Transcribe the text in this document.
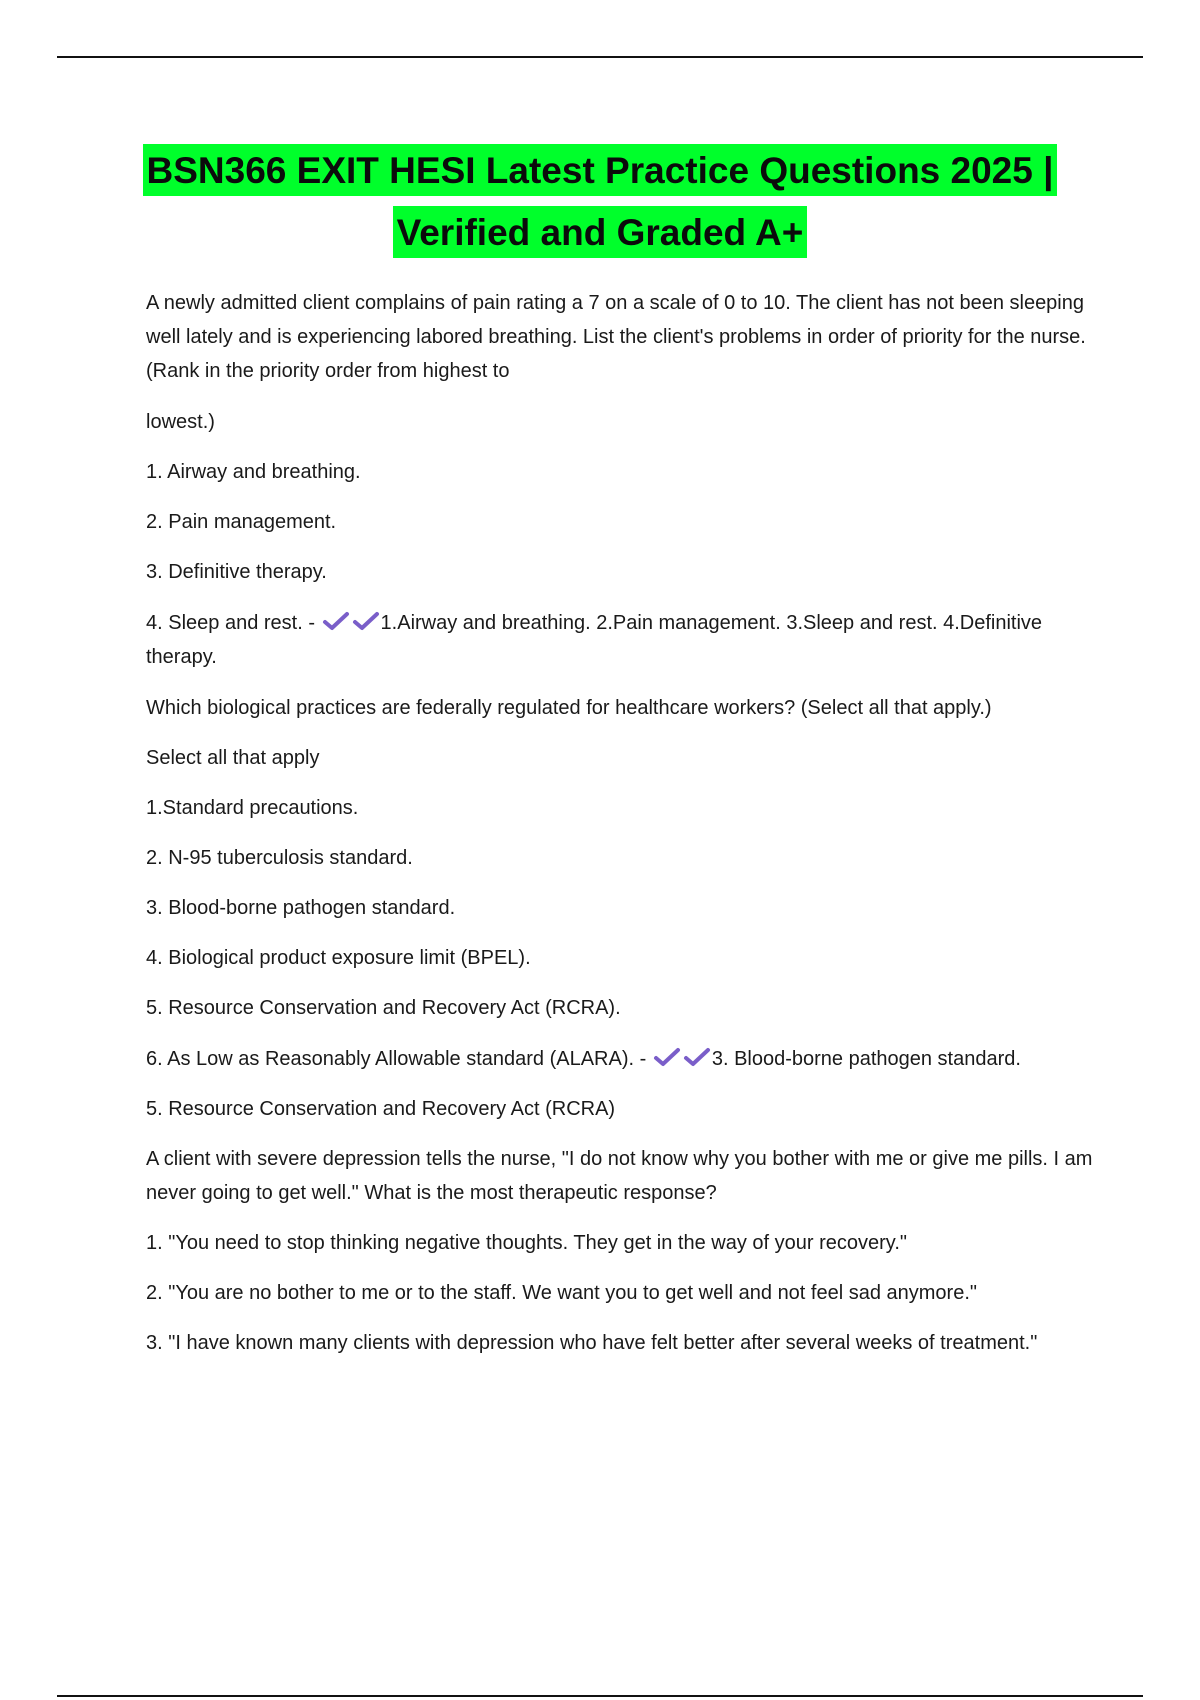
BSN366 EXIT HESI Latest Practice Questions 2025 |
Verified and Graded A+

A newly admitted client complains of pain rating a 7 on a scale of 0 to 10. The client has not been sleeping well lately and is experiencing labored breathing. List the client's problems in order of priority for the nurse. (Rank in the priority order from highest to

lowest.)

1. Airway and breathing.

2. Pain management.

3. Definitive therapy.

4. Sleep and rest. -	1.Airway and breathing. 2.Pain management. 3.Sleep and rest. 4.Definitive therapy.

Which biological practices are federally regulated for healthcare workers? (Select all that apply.)

Select all that apply

1.Standard precautions.

2. N-95 tuberculosis standard.

3. Blood-borne pathogen standard.

4. Biological product exposure limit (BPEL).

5. Resource Conservation and Recovery Act (RCRA).

6. As Low as Reasonably Allowable standard (ALARA). -	3. Blood-borne pathogen standard.

5. Resource Conservation and Recovery Act (RCRA)

A client with severe depression tells the nurse, "I do not know why you bother with me or give me pills. I am never going to get well." What is the most therapeutic response?

1. "You need to stop thinking negative thoughts. They get in the way of your recovery."

2. "You are no bother to me or to the staff. We want you to get well and not feel sad anymore."

3. "I have known many clients with depression who have felt better after several weeks of treatment."
